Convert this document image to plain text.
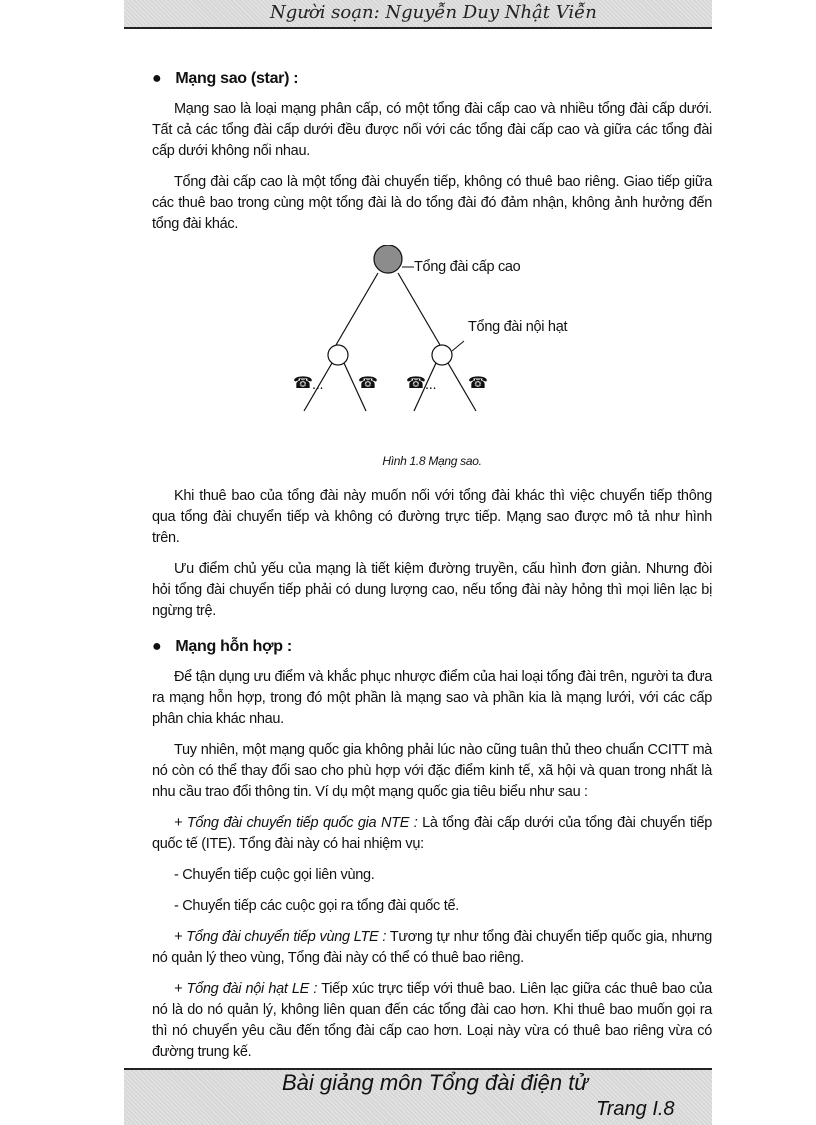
Người soạn: Nguyễn Duy Nhật Viễn
● Mạng sao (star) :

Mạng sao là loại mạng phân cấp, có một tổng đài cấp cao và nhiều tổng đài cấp dưới. Tất cả các tổng đài cấp dưới đều được nối với các tổng đài cấp cao và giữa các tổng đài cấp dưới không nối nhau.

Tổng đài cấp cao là một tổng đài chuyển tiếp, không có thuê bao riêng. Giao tiếp giữa các thuê bao trong cùng một tổng đài là do tổng đài đó đảm nhận, không ảnh hưởng đến tổng đài khác.

Tổng đài cấp cao
Tổng đài nội hạt
☎ ... ☎ ☎ ... ☎
Hình 1.8 Mạng sao.

Khi thuê bao của tổng đài này muốn nối với tổng đài khác thì việc chuyển tiếp thông qua tổng đài chuyển tiếp và không có đường trực tiếp. Mạng sao được mô tả như hình trên.

Ưu điểm chủ yếu của mạng là tiết kiệm đường truyền, cấu hình đơn giản. Nhưng đòi hỏi tổng đài chuyển tiếp phải có dung lượng cao, nếu tổng đài này hỏng thì mọi liên lạc bị ngừng trệ.

● Mạng hỗn hợp :

Để tận dụng ưu điểm và khắc phục nhược điểm của hai loại tổng đài trên, người ta đưa ra mạng hỗn hợp, trong đó một phần là mạng sao và phần kia là mạng lưới, với các cấp phân chia khác nhau.

Tuy nhiên, một mạng quốc gia không phải lúc nào cũng tuân thủ theo chuẩn CCITT mà nó còn có thể thay đổi sao cho phù hợp với đặc điểm kinh tế, xã hội và quan trong nhất là nhu cầu trao đổi thông tin. Ví dụ một mạng quốc gia tiêu biểu như sau :

+ Tổng đài chuyển tiếp quốc gia NTE : Là tổng đài cấp dưới của tổng đài chuyển tiếp quốc tế (ITE). Tổng đài này có hai nhiệm vụ:

- Chuyển tiếp cuộc gọi liên vùng.

- Chuyển tiếp các cuộc gọi ra tổng đài quốc tế.

+ Tổng đài chuyển tiếp vùng LTE : Tương tự như tổng đài chuyển tiếp quốc gia, nhưng nó quản lý theo vùng, Tổng đài này có thể có thuê bao riêng.

+ Tổng đài nội hạt LE : Tiếp xúc trực tiếp với thuê bao. Liên lạc giữa các thuê bao của nó là do nó quản lý, không liên quan đến các tổng đài cao hơn. Khi thuê bao muốn gọi ra thì nó chuyển yêu cầu đến tổng đài cấp cao hơn. Loại này vừa có thuê bao riêng vừa có đường trung kế.

Bài giảng môn Tổng đài điện tử
Trang I.8
